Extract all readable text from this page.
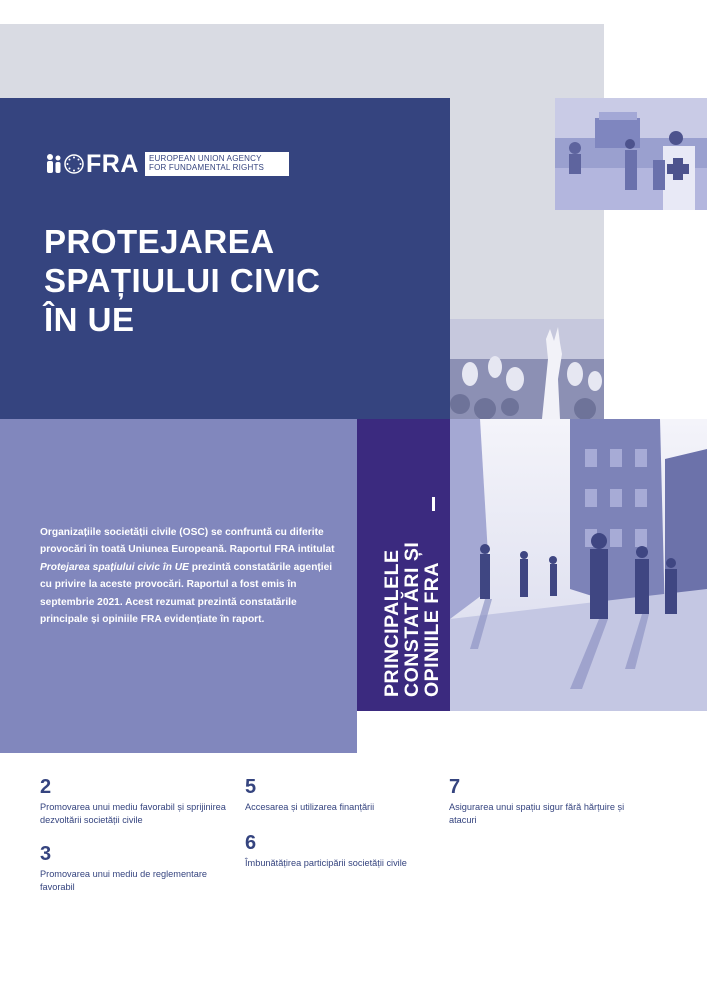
FRA EUROPEAN UNION AGENCY
FOR FUNDAMENTAL RIGHTS
PROTEJAREA
SPAȚIULUI CIVIC
ÎN UE

Organizațiile societății civile (OSC) se confruntă cu diferite provocări în toată Uniunea Europeană. Raportul FRA intitulat Protejarea spațiului civic în UE prezintă constatările agenției cu privire la aceste provocări. Raportul a fost emis în septembrie 2021. Acest rezumat prezintă constatările principale și opiniile FRA evidențiate în raport.	PRINCIPALELE
CONSTATĂRI ȘI
OPINIILE FRA
2
Promovarea unui mediu favorabil și sprijinirea dezvoltării societății civile
3
Promovarea unui mediu de reglementare favorabil
5
Accesarea și utilizarea finanțării
6
Îmbunătățirea participării societății civile
7
Asigurarea unui spațiu sigur fără hărțuire și atacuri
